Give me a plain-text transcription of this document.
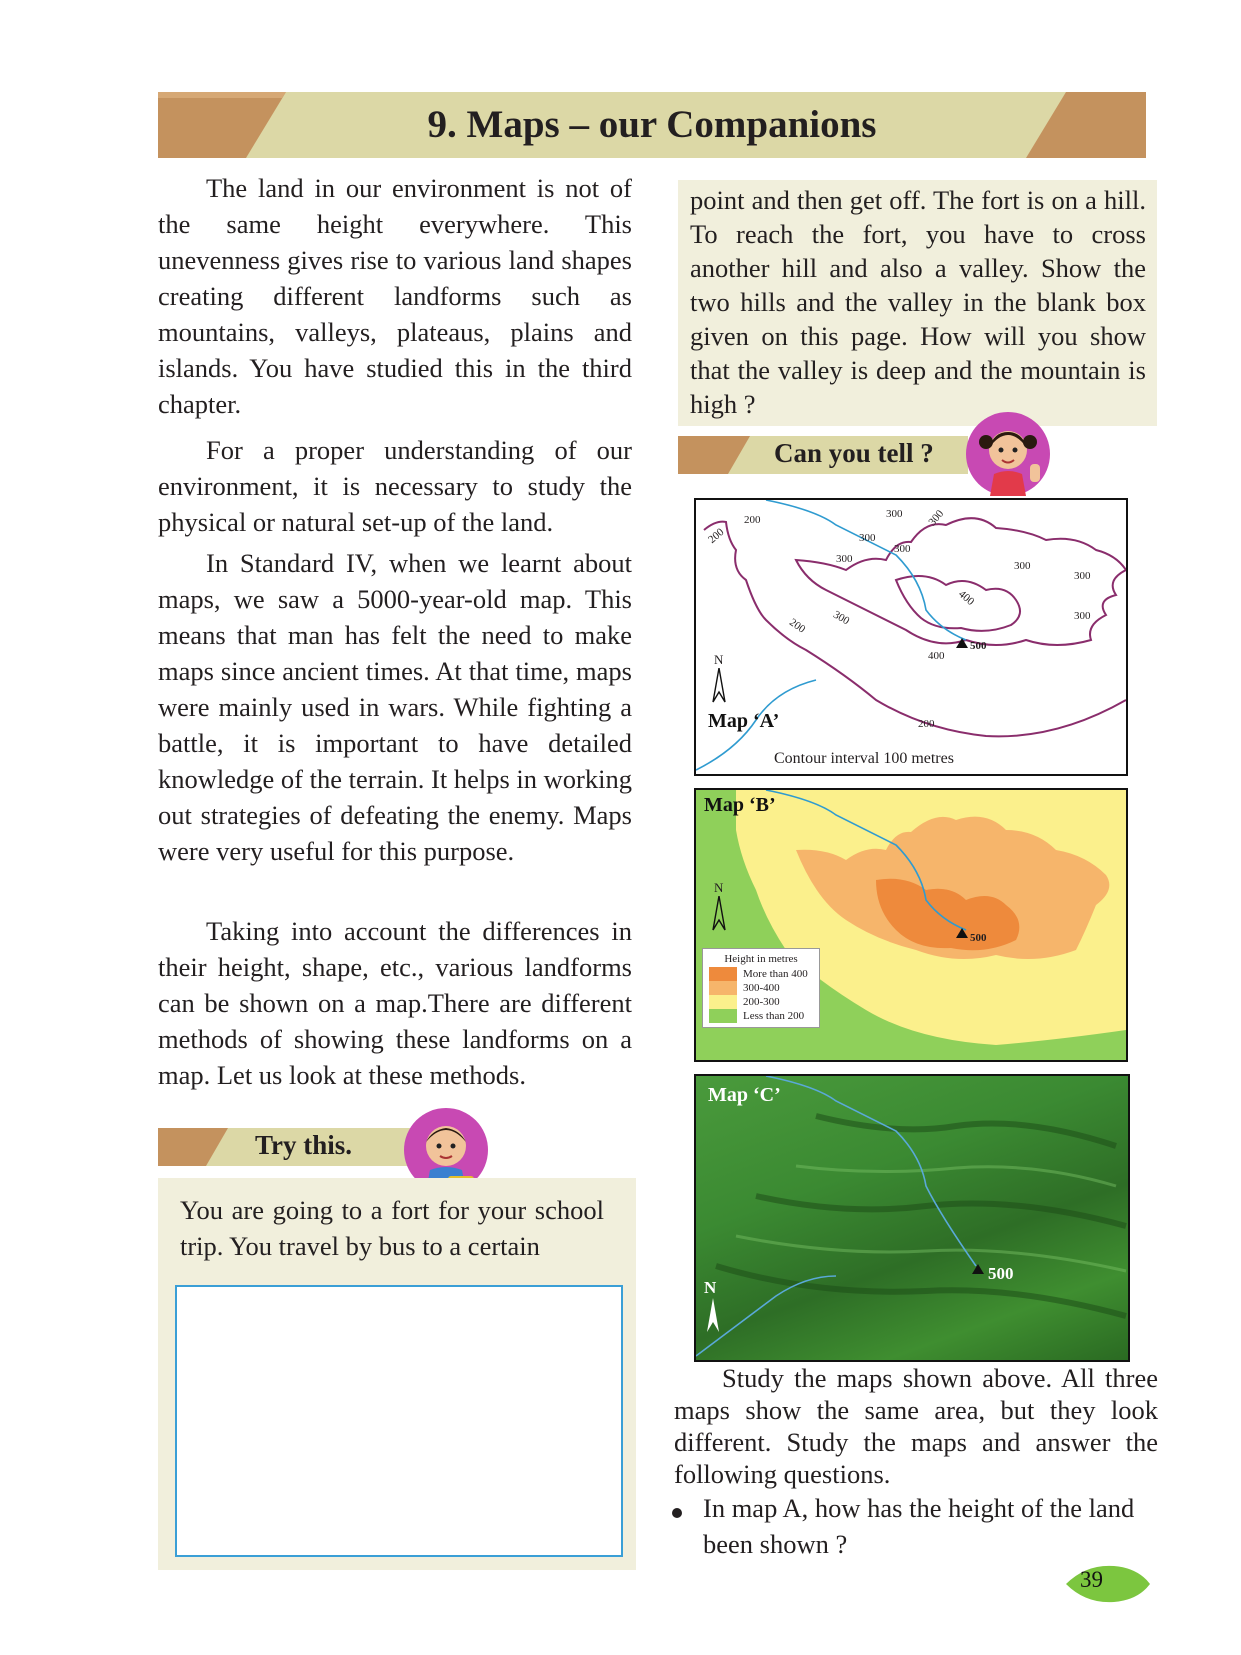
9. Maps – our Companions
The land in our environment is not of the same height everywhere. This unevenness gives rise to various land shapes creating different landforms such as mountains, valleys, plateaus, plains and islands. You have studied this in the third chapter.
For a proper understanding of our environment, it is necessary to study the physical or natural set-up of the land.
In Standard IV, when we learnt about maps, we saw a 5000-year-old map. This means that man has felt the need to make maps since ancient times. At that time, maps were mainly used in wars. While fighting a battle, it is important to have detailed knowledge of the terrain. It helps in working out strategies of defeating the enemy. Maps were very useful for this purpose.
Taking into account the differences in their height, shape, etc., various landforms can be shown on a map.There are different methods of showing these landforms on a map. Let us look at these methods.
Try this.
You are going to a fort for your school trip. You travel by bus to a certain
point and then get off. The fort is on a hill. To reach the fort, you have to cross another hill and also a valley. Show the two hills and the valley in the blank box given on this page. How will you show that the valley is deep and the mountain is high ?
Can you tell ?
200
200
200
200
300
300
300
300
300
300
300
300
300
400
400
500
N
Map ‘A’
Contour interval 100 metres
Map ‘B’
500
N
Height in metres
More than 400
300-400
200-300
Less than 200
Map ‘C’
500
N
Study the maps shown above. All three maps show the same area, but they look different. Study the maps and answer the following questions.
In map A, how has the height of the land been shown ?
39
